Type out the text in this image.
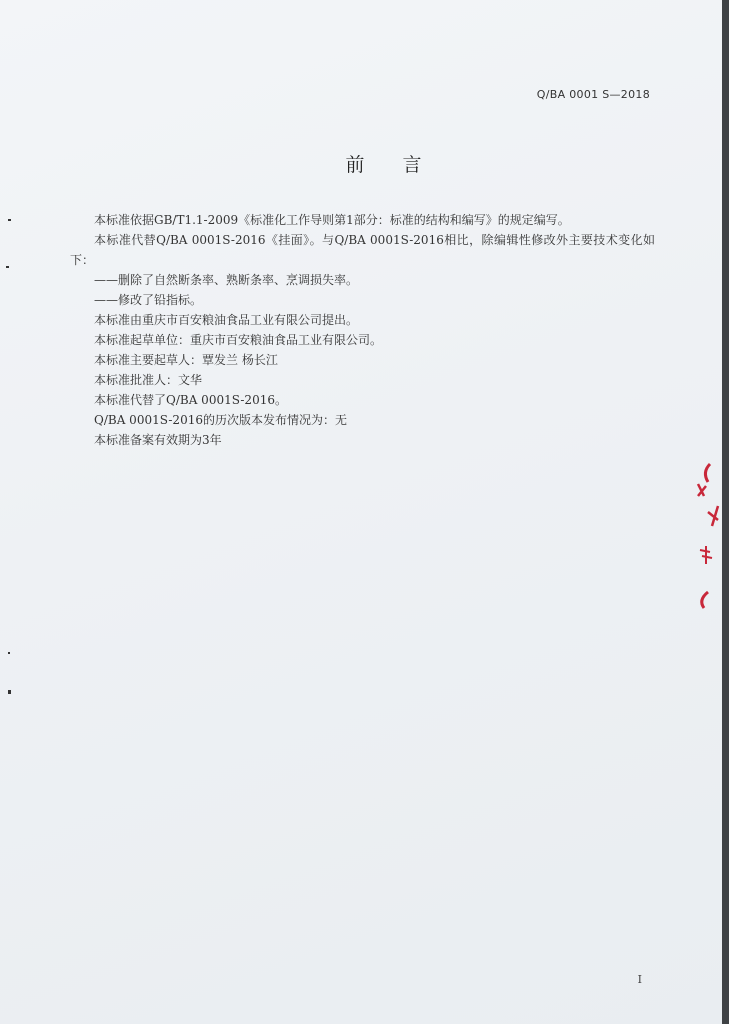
Q/BA 0001 S—2018
前言

本标准依据GB/T1.1-2009《标准化工作导则第1部分：标准的结构和编写》的规定编写。

本标准代替Q/BA 0001S-2016《挂面》。与Q/BA 0001S-2016相比，除编辑性修改外主要技术变化如下：

——删除了自然断条率、熟断条率、烹调损失率。

——修改了铅指标。

本标准由重庆市百安粮油食品工业有限公司提出。

本标准起草单位：重庆市百安粮油食品工业有限公司。

本标准主要起草人：覃发兰 杨长江

本标准批准人：文华

本标准代替了Q/BA 0001S-2016。

Q/BA 0001S-2016的历次版本发布情况为：无

本标准备案有效期为3年

I
